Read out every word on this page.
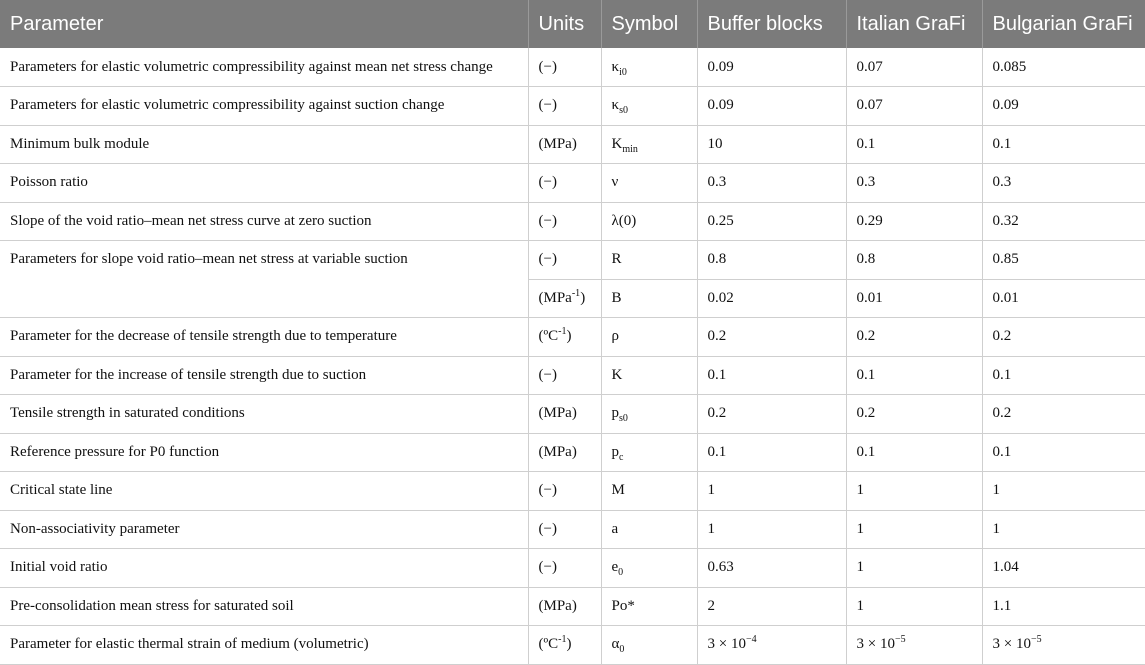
Parameter	Units	Symbol	Buffer blocks	Italian GraFi	Bulgarian GraFi
Parameters for elastic volumetric compressibility against mean net stress change	(−)	$\kappa_{i0}$	0.09	0.07	0.085
Parameters for elastic volumetric compressibility against suction change	(−)	$\kappa_{s0}$	0.09	0.07	0.09
Minimum bulk module	(MPa)	$K_{min}$	10	0.1	0.1
Poisson ratio	(−)	ν	0.3	0.3	0.3
Slope of the void ratio–mean net stress curve at zero suction	(−)	λ(0)	0.25	0.29	0.32
Parameters for slope void ratio–mean net stress at variable suction	(−)	R	0.8	0.8	0.85
	(MPa$^{-1}$)	B	0.02	0.01	0.01
Parameter for the decrease of tensile strength due to temperature	(ºC$^{-1}$)	ρ	0.2	0.2	0.2
Parameter for the increase of tensile strength due to suction	(−)	K	0.1	0.1	0.1
Tensile strength in saturated conditions	(MPa)	$p_{s0}$	0.2	0.2	0.2
Reference pressure for P0 function	(MPa)	$p_c$	0.1	0.1	0.1
Critical state line	(−)	M	1	1	1
Non-associativity parameter	(−)	a	1	1	1
Initial void ratio	(−)	$e_0$	0.63	1	1.04
Pre-consolidation mean stress for saturated soil	(MPa)	Po*	2	1	1.1
Parameter for elastic thermal strain of medium (volumetric)	(ºC$^{-1}$)	$\alpha_0$	$3 \times 10^{-4}$	$3 \times 10^{-5}$	$3 \times 10^{-5}$
